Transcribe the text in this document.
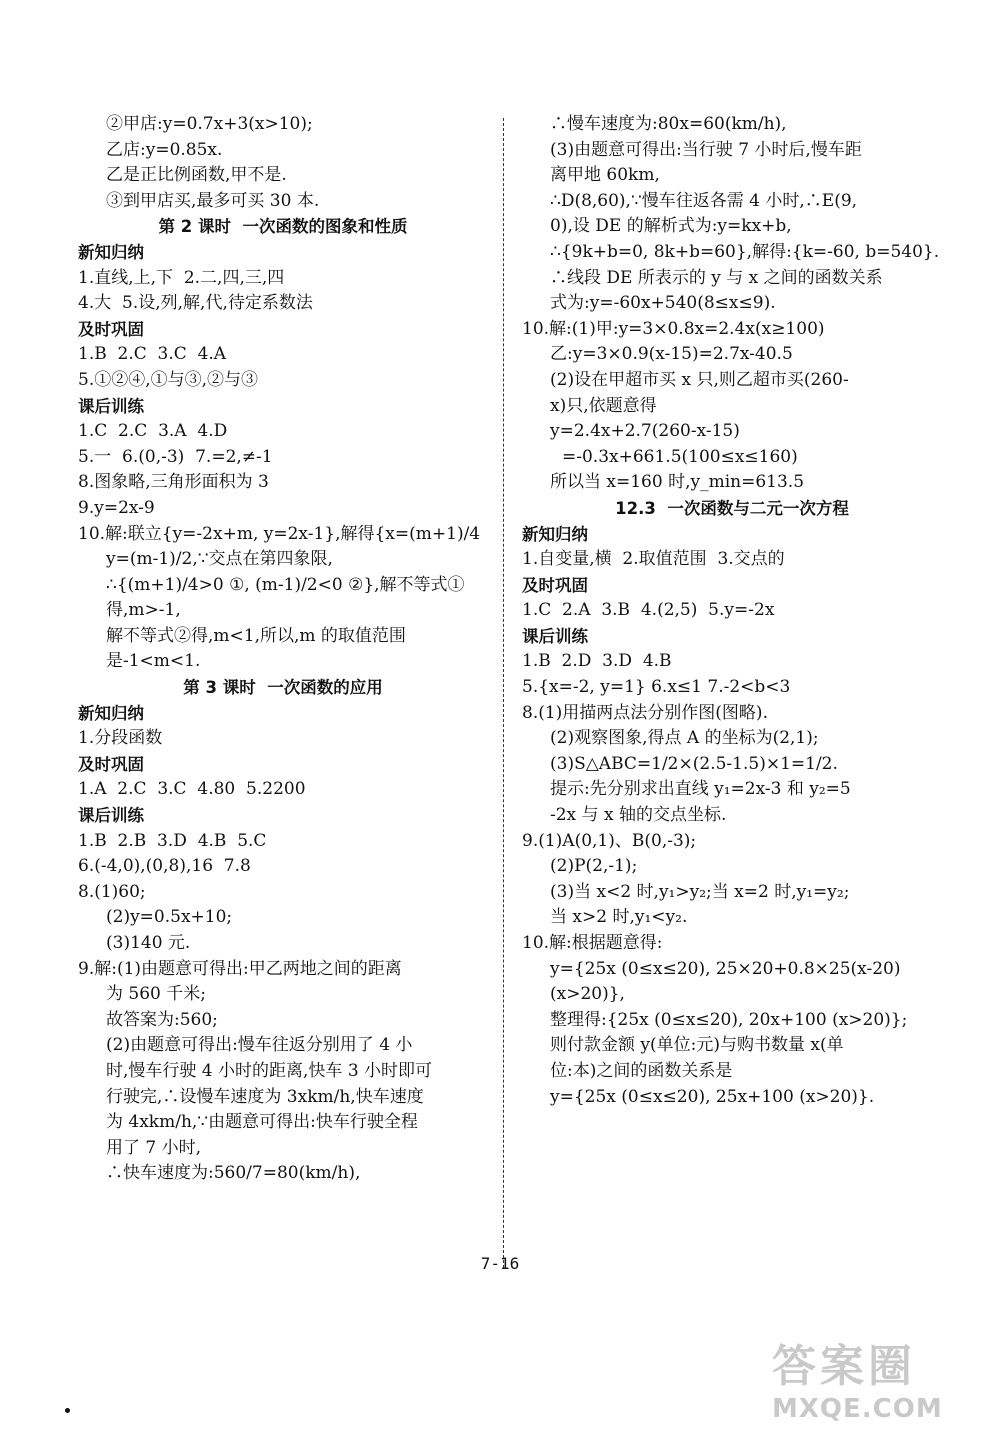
②甲店:y=0.7x+3(x>10);
乙店:y=0.85x.
乙是正比例函数,甲不是.
③到甲店买,最多可买 30 本.
第 2 课时  一次函数的图象和性质
新知归纳
1.直线,上,下  2.二,四,三,四
4.大  5.设,列,解,代,待定系数法
及时巩固
1.B  2.C  3.C  4.A
5.①②④,①与③,②与③
课后训练
1.C  2.C  3.A  4.D
5.一  6.(0,-3)  7.=2,≠-1
8.图象略,三角形面积为 3
9.y=2x-9
10.解:联立{y=-2x+m, y=2x-1},解得{x=(m+1)/4
y=(m-1)/2,∵交点在第四象限,
∴{(m+1)/4>0 ①, (m-1)/2<0 ②},解不等式①得,m>-1,
解不等式②得,m<1,所以,m 的取值范围
是-1<m<1.
第 3 课时  一次函数的应用
新知归纳
1.分段函数
及时巩固
1.A  2.C  3.C  4.80  5.2200
课后训练
1.B  2.B  3.D  4.B  5.C
6.(-4,0),(0,8),16  7.8
8.(1)60;
(2)y=0.5x+10;
(3)140 元.
9.解:(1)由题意可得出:甲乙两地之间的距离
为 560 千米;
故答案为:560;
(2)由题意可得出:慢车往返分别用了 4 小
时,慢车行驶 4 小时的距离,快车 3 小时即可
行驶完,∴设慢车速度为 3xkm/h,快车速度
为 4xkm/h,∵由题意可得出:快车行驶全程
用了 7 小时,
∴快车速度为:560/7=80(km/h),
∴慢车速度为:80x=60(km/h),
(3)由题意可得出:当行驶 7 小时后,慢车距
离甲地 60km,
∴D(8,60),∵慢车往返各需 4 小时,∴E(9,
0),设 DE 的解析式为:y=kx+b,
∴{9k+b=0, 8k+b=60},解得:{k=-60, b=540}.
∴线段 DE 所表示的 y 与 x 之间的函数关系
式为:y=-60x+540(8≤x≤9).
10.解:(1)甲:y=3×0.8x=2.4x(x≥100)
乙:y=3×0.9(x-15)=2.7x-40.5
(2)设在甲超市买 x 只,则乙超市买(260-
x)只,依题意得
y=2.4x+2.7(260-x-15)
=-0.3x+661.5(100≤x≤160)
所以当 x=160 时,y_min=613.5
12.3  一次函数与二元一次方程
新知归纳
1.自变量,横  2.取值范围  3.交点的
及时巩固
1.C  2.A  3.B  4.(2,5)  5.y=-2x
课后训练
1.B  2.D  3.D  4.B
5.{x=-2, y=1} 6.x≤1 7.-2<b<3
8.(1)用描两点法分别作图(图略).
(2)观察图象,得点 A 的坐标为(2,1);
(3)S△ABC=1/2×(2.5-1.5)×1=1/2.
提示:先分别求出直线 y₁=2x-3 和 y₂=5
-2x 与 x 轴的交点坐标.
9.(1)A(0,1)、B(0,-3);
(2)P(2,-1);
(3)当 x<2 时,y₁>y₂;当 x=2 时,y₁=y₂;
当 x>2 时,y₁<y₂.
10.解:根据题意得:
y={25x (0≤x≤20), 25×20+0.8×25(x-20) (x>20)},
整理得:{25x (0≤x≤20), 20x+100 (x>20)};
则付款金额 y(单位:元)与购书数量 x(单
位:本)之间的函数关系是
y={25x (0≤x≤20), 25x+100 (x>20)}.
7-16
答案圈
MXQE.COM
